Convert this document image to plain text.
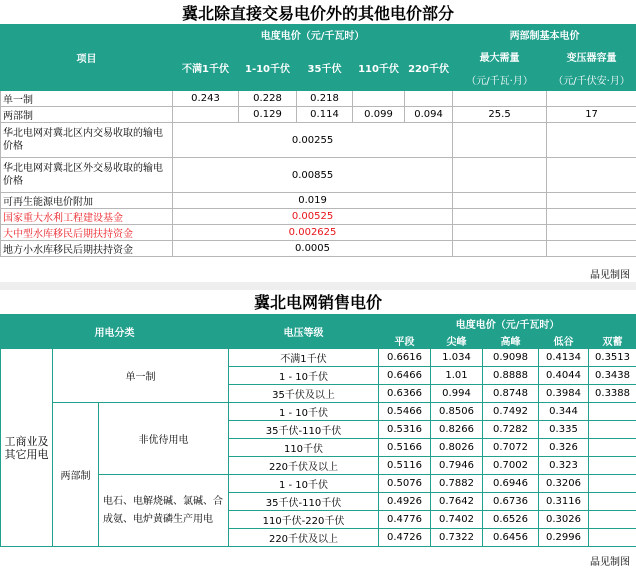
冀北除直接交易电价外的其他电价部分
项目	电度电价（元/千瓦时）					两部制基本电价	
	不满1千伏	1-10千伏	35千伏	110千伏	220千伏	最大需量	变压器容量
						（元/千瓦·月）	（元/千伏安·月）
单一制	0.243	0.228	0.218				
两部制		0.129	0.114	0.099	0.094	25.5	17
华北电网对冀北区内交易收取的输电价格	0.00255						
华北电网对冀北区外交易收取的输电价格	0.00855						
可再生能源电价附加	0.019						
国家重大水利工程建设基金	0.00525						
大中型水库移民后期扶持资金	0.002625						
地方小水库移民后期扶持资金	0.0005						
晶见制图
冀北电网销售电价
用电分类			电压等级	电度电价（元/千瓦时）				
				平段	尖峰	高峰	低谷	双蓄
工商业及其它用电	单一制		不满1千伏	0.6616	1.034	0.9098	0.4134	0.3513
			1 - 10千伏	0.6466	1.01	0.8888	0.4044	0.3438
			35千伏及以上	0.6366	0.994	0.8748	0.3984	0.3388
	两部制	非优待用电	1 - 10千伏	0.5466	0.8506	0.7492	0.344	
			35千伏-110千伏	0.5316	0.8266	0.7282	0.335	
			110千伏	0.5166	0.8026	0.7072	0.326	
			220千伏及以上	0.5116	0.7946	0.7002	0.323	
		电石、电解烧碱、氯碱、合成氨、电炉黄磷生产用电	1 - 10千伏	0.5076	0.7882	0.6946	0.3206	
			35千伏-110千伏	0.4926	0.7642	0.6736	0.3116	
			110千伏-220千伏	0.4776	0.7402	0.6526	0.3026	
			220千伏及以上	0.4726	0.7322	0.6456	0.2996	
晶见制图
